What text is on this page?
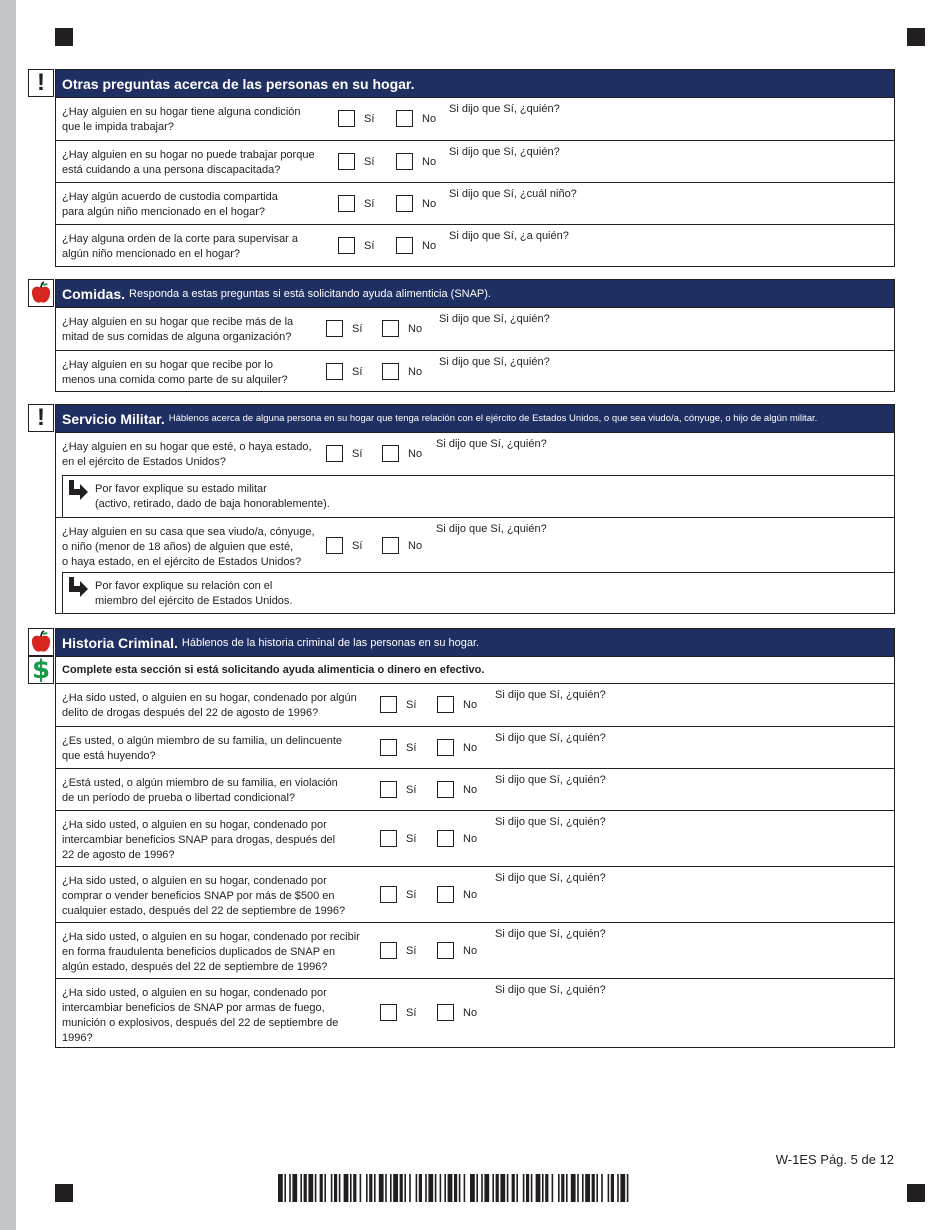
! Otras preguntas acerca de las personas en su hogar.
¿Hay alguien en su hogar tiene alguna condición
que le impida trabajar?
Sí	No
Si dijo que Sí, ¿quién?
¿Hay alguien en su hogar no puede trabajar porque
está cuidando a una persona discapacitada?
Sí	No
Si dijo que Sí, ¿quién?
¿Hay algún acuerdo de custodia compartida
para algún niño mencionado en el hogar?
Sí	No
Si dijo que Sí, ¿cuál niño?
¿Hay alguna orden de la corte para supervisar a
algún niño mencionado en el hogar?
Sí	No
Si dijo que Sí, ¿a quién?
Comidas. Responda a estas preguntas si está solicitando ayuda alimenticia (SNAP).
¿Hay alguien en su hogar que recibe más de la
mitad de sus comidas de alguna organización?
Sí	No
Si dijo que Sí, ¿quién?
¿Hay alguien en su hogar que recibe por lo
menos una comida como parte de su alquiler?
Sí	No
Si dijo que Sí, ¿quién?
! Servicio Militar. Háblenos acerca de alguna persona en su hogar que tenga relación con el ejército de Estados Unidos, o que sea viudo/a, cónyuge, o hijo de algún militar.
¿Hay alguien en su hogar que esté, o haya estado,
en el ejército de Estados Unidos?
Sí	No
Si dijo que Sí, ¿quién?
Por favor explique su estado militar
(activo, retirado, dado de baja honorablemente).
¿Hay alguien en su casa que sea viudo/a, cónyuge,
o niño (menor de 18 años) de alguien que esté,
o haya estado, en el ejército de Estados Unidos?
Sí	No
Si dijo que Sí, ¿quién?
Por favor explique su relación con el
miembro del ejército de Estados Unidos.
$
Historia Criminal. Háblenos de la historia criminal de las personas en su hogar.
Complete esta sección si está solicitando ayuda alimenticia o dinero en efectivo.
¿Ha sido usted, o alguien en su hogar, condenado por algún
delito de drogas después del 22 de agosto de 1996?
Sí	No
Si dijo que Sí, ¿quién?
¿Es usted, o algún miembro de su familia, un delincuente
que está huyendo?
Sí	No
Si dijo que Sí, ¿quién?
¿Está usted, o algún miembro de su familia, en violación
de un período de prueba o libertad condicional?
Sí	No
Si dijo que Sí, ¿quién?
¿Ha sido usted, o alguien en su hogar, condenado por
intercambiar beneficios SNAP para drogas, después del
22 de agosto de 1996?
Sí	No
Si dijo que Sí, ¿quién?
¿Ha sido usted, o alguien en su hogar, condenado por
comprar o vender beneficios SNAP por más de $500 en
cualquier estado, después del 22 de septiembre de 1996?
Sí	No
Si dijo que Sí, ¿quién?
¿Ha sido usted, o alguien en su hogar, condenado por recibir
en forma fraudulenta beneficios duplicados de SNAP en
algún estado, después del 22 de septiembre de 1996?
Sí	No
Si dijo que Sí, ¿quién?
¿Ha sido usted, o alguien en su hogar, condenado por
intercambiar beneficios de SNAP por armas de fuego,
munición o explosivos, después del 22 de septiembre de
1996?
Sí	No
Si dijo que Sí, ¿quién?
W-1ES Pág. 5 de 12
